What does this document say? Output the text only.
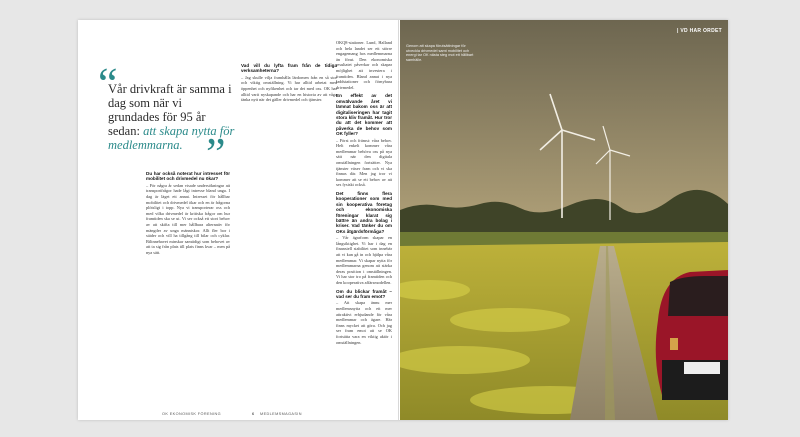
“
Vår drivkraft är samma i dag som när vi grundades för 95 år sedan: att skapa nytta för medlemmarna. ”
Du har också noterat hur intresset för mobilitet och drivmedel nu ökar?

– För några år sedan visade undersökningar att transportfrågor hade lågt intresse bland unga. I dag är läget ett annat. Intresset för hållbar mobilitet och drivmedel ökar och en är frågorna plötsligt i topp. Nya vi transporterar oss och med vilka drivmedel är kritiska frågor om hur framtiden ska se ut. Vi ser också ett stort behov av att skifta till mer hållbara alternativ för mängder av unga människor. Allt fler bor i städer och vill ha tillgång till bilar och cyklar. Bilinnehavet minskar samtidigt som behovet av att ta sig från plats till plats finns kvar – men på nya sätt.

Vad vill du lyfta fram från de tidiga verksamheterna?

– Jag skulle vilja framhålla lärdomen från en så stor och viktig omställning. Vi har alltid arbetat med öppenhet och nyfikenhet och tar det med oss. OK har alltid varit nyskapande och har en historia av att våga tänka nytt när det gäller drivmedel och tjänster.

OK EKONOMISK FÖRENING	6 MEDLEMSMAGASIN
| VD HAR ORDET
Genom att skapa förutsättningar för utveckla drivmedel samt mobilitet och energi tar OK nästa steg mot ett hållbart samhälle.

OKQ8-stationer. Lund, Halland och hela landet ser ett större engagemang hos medlemmarna än förut. Den ekonomiska resultatet påverkar och skapar möjlighet att investera i framtiden. Bland annat i nya laddstationer och förnybara drivmedel.

En effekt av det omvälvande året vi lämnat bakom oss är att digitaliseringen har tagit stora kliv framåt. Hur tror du att det kommer att påverka de behov som OK fyller?

– Först och främst: våra behov. Helt enkelt kommer våra medlemmar behöva oss på nya sätt när den digitala omställningen fortsätter. Nya tjänster växer fram och vi ska finnas där. Men jag tror vi kommer att se ett behov av att ses fysiskt också.

Det finns flera kooperationer som med sin kooperativa företag och ekonomiska föreningar klarat sig bättre än andra bolag i kriser. Vad tänker du om OKs åtgärdsförmåga?

– Vår ägarform skapar en långsiktighet. Vi har i dag en finansiell stabilitet som innebär att vi kan gå in och hjälpa våra medlemmar. Vi skapar nytta för medlemmarna genom att stärka deras position i omställningen. Vi har stor tro på framtiden och den kooperativa affärsmodellen.

Om du blickar framåt – vad ser du fram emot?

– Att skapa ännu mer medlemsnytta och ett mer attraktivt erbjudande för våra medlemmar och ägare. Här finns mycket att göra. Och jag ser fram emot att se OK fortsätta vara en viktig aktör i omställningen.
